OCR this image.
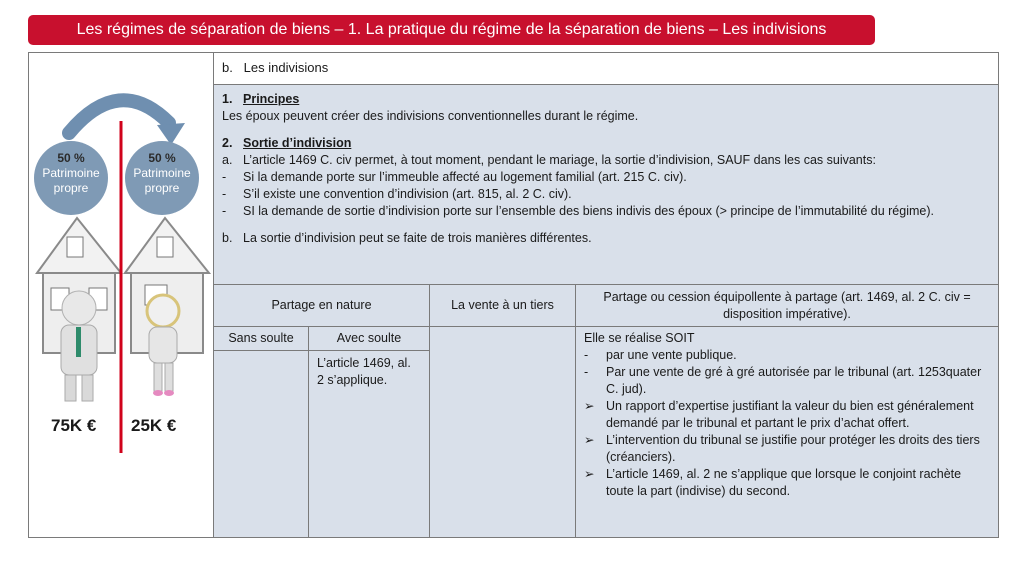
Les régimes de séparation de biens – 1. La pratique du régime de la séparation de biens – Les indivisions
50 %
Patrimoine
propre
50 %
Patrimoine
propre
75K € 25K €
b.   Les indivisions

1. Principes

Les époux peuvent créer des indivisions conventionnelles durant le régime.

2. Sortie d’indivision

a. L’article 1469 C. civ permet, à tout moment, pendant le mariage, la sortie d’indivision, SAUF dans les cas suivants:

- Si la demande porte sur l’immeuble affecté au logement familial (art. 215 C. civ).

- S’il existe une convention d’indivision (art. 815, al. 2 C. civ).

- SI la demande de sortie d’indivision porte sur l’ensemble des biens indivis des époux (> principe de l’immutabilité du régime).

b. La sortie d’indivision peut se faite de trois manières différentes.

Partage en nature	La vente à un tiers
Partage ou cession équipollente à partage (art. 1469, al. 2 C. civ = disposition impérative).
Sans soulte	Avec soulte
L’article 1469, al. 2 s’applique.
Elle se réalise SOIT
- par une vente publique.
- Par une vente de gré à gré autorisée par le tribunal (art. 1253quater C. jud).
➢ Un rapport d’expertise justifiant la valeur du bien est généralement demandé par le tribunal et partant le prix d’achat offert.
➢ L’intervention du tribunal se justifie pour protéger les droits des tiers (créanciers).
➢ L’article 1469, al. 2 ne s’applique que lorsque le conjoint rachète toute la part (indivise) du second.
